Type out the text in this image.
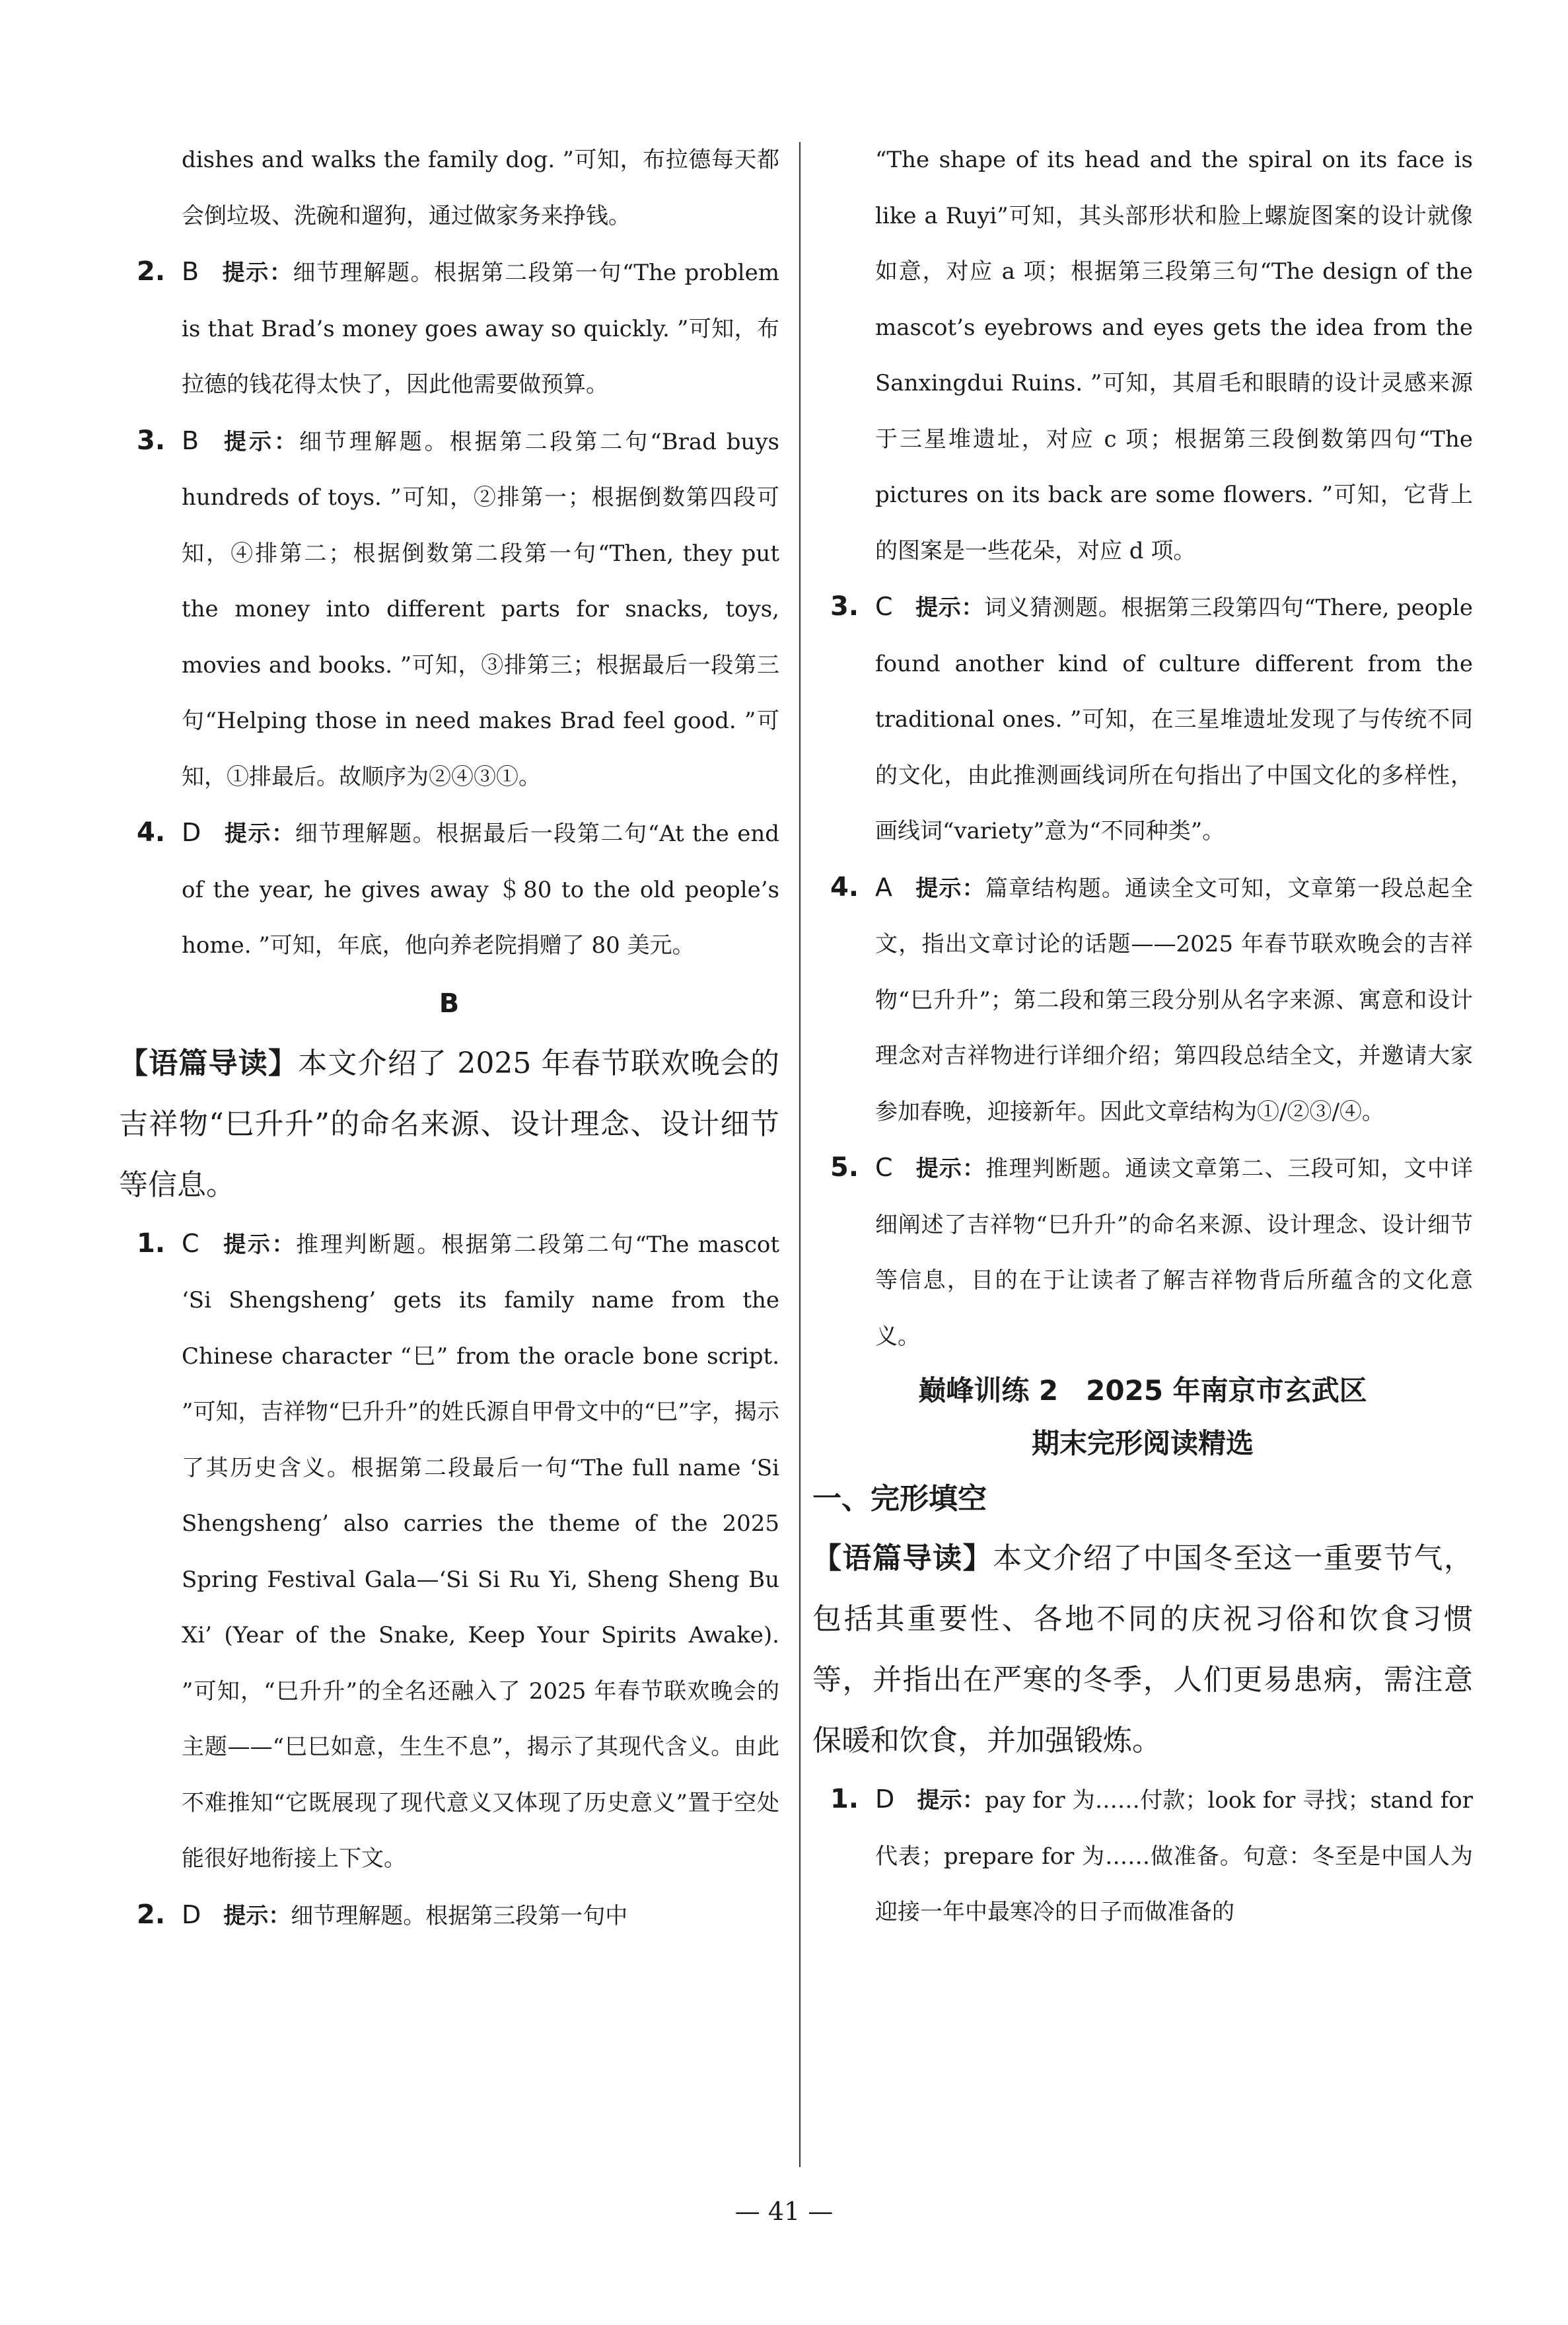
dishes and walks the family dog. ”可知，布拉德每天都会倒垃圾、洗碗和遛狗，通过做家务来挣钱。

2. B 提示：细节理解题。根据第二段第一句“The problem is that Brad’s money goes away so quickly. ”可知，布拉德的钱花得太快了，因此他需要做预算。
3. B 提示：细节理解题。根据第二段第二句“Brad buys hundreds of toys. ”可知，②排第一；根据倒数第四段可知，④排第二；根据倒数第二段第一句“Then, they put the money into different parts for snacks, toys, movies and books. ”可知，③排第三；根据最后一段第三句“Helping those in need makes Brad feel good. ”可知，①排最后。故顺序为②④③①。
4. D 提示：细节理解题。根据最后一段第二句“At the end of the year, he gives away ＄80 to the old people’s home. ”可知，年底，他向养老院捐赠了 80 美元。

B

【语篇导读】本文介绍了 2025 年春节联欢晚会的吉祥物“巳升升”的命名来源、设计理念、设计细节等信息。

1. C 提示：推理判断题。根据第二段第二句“The mascot ‘Si Shengsheng’ gets its family name from the Chinese character “巳” from the oracle bone script. ”可知，吉祥物“巳升升”的姓氏源自甲骨文中的“巳”字，揭示了其历史含义。根据第二段最后一句“The full name ‘Si Shengsheng’ also carries the theme of the 2025 Spring Festival Gala—‘Si Si Ru Yi, Sheng Sheng Bu Xi’ (Year of the Snake, Keep Your Spirits Awake). ”可知，“巳升升”的全名还融入了 2025 年春节联欢晚会的主题——“巳巳如意，生生不息”，揭示了其现代含义。由此不难推知“它既展现了现代意义又体现了历史意义”置于空处能很好地衔接上下文。
2. D 提示：细节理解题。根据第三段第一句中

“The shape of its head and the spiral on its face is like a Ruyi”可知，其头部形状和脸上螺旋图案的设计就像如意，对应 a 项；根据第三段第三句“The design of the mascot’s eyebrows and eyes gets the idea from the Sanxingdui Ruins. ”可知，其眉毛和眼睛的设计灵感来源于三星堆遗址，对应 c 项；根据第三段倒数第四句“The pictures on its back are some flowers. ”可知，它背上的图案是一些花朵，对应 d 项。

3. C 提示：词义猜测题。根据第三段第四句“There, people found another kind of culture different from the traditional ones. ”可知，在三星堆遗址发现了与传统不同的文化，由此推测画线词所在句指出了中国文化的多样性，画线词“variety”意为“不同种类”。
4. A 提示：篇章结构题。通读全文可知，文章第一段总起全文，指出文章讨论的话题——2025 年春节联欢晚会的吉祥物“巳升升”；第二段和第三段分别从名字来源、寓意和设计理念对吉祥物进行详细介绍；第四段总结全文，并邀请大家参加春晚，迎接新年。因此文章结构为①/②③/④。
5. C 提示：推理判断题。通读文章第二、三段可知，文中详细阐述了吉祥物“巳升升”的命名来源、设计理念、设计细节等信息，目的在于让读者了解吉祥物背后所蕴含的文化意义。

巅峰训练 2　2025 年南京市玄武区

期末完形阅读精选

一、完形填空

【语篇导读】本文介绍了中国冬至这一重要节气，包括其重要性、各地不同的庆祝习俗和饮食习惯等，并指出在严寒的冬季，人们更易患病，需注意保暖和饮食，并加强锻炼。

1. D 提示：pay for 为……付款；look for 寻找；stand for 代表；prepare for 为……做准备。句意：冬至是中国人为迎接一年中最寒冷的日子而做准备的
— 41 —
